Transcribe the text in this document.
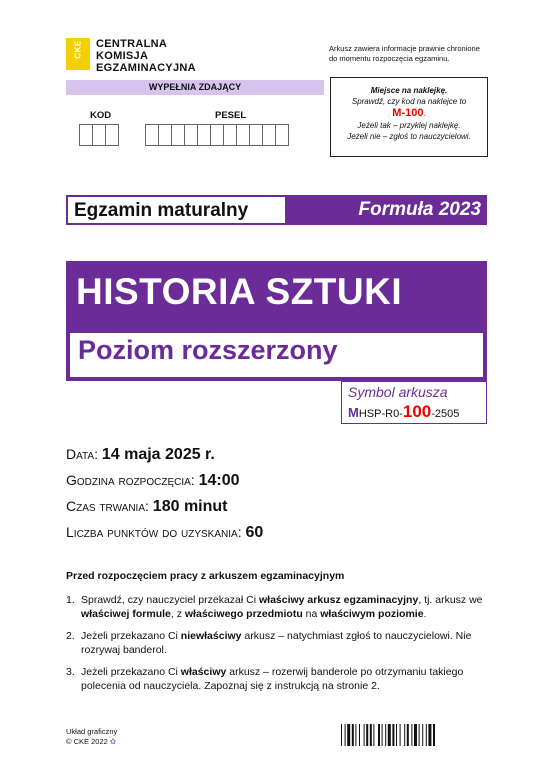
CKE CENTRALNA
KOMISJA
EGZAMINACYJNA
Arkusz zawiera informacje prawnie chronione
do momentu rozpoczęcia egzaminu.
WYPEŁNIA ZDAJĄCY
KOD	PESEL
Miejsce na naklejkę.
Sprawdź, czy kod na naklejce to
M-100.
Jeżeli tak – przyklej naklejkę.
Jeżeli nie – zgłoś to nauczycielowi.
Egzamin maturalny	Formuła 2023
HISTORIA SZTUKI
Poziom rozszerzony
Symbol arkusza
MHSP-R0-100-2505
Data: 14 maja 2025 r.
Godzina rozpoczęcia: 14:00
Czas trwania: 180 minut
Liczba punktów do uzyskania: 60
Przed rozpoczęciem pracy z arkuszem egzaminacyjnym
1. Sprawdź, czy nauczyciel przekazał Ci właściwy arkusz egzaminacyjny, tj. arkusz we właściwej formule, z właściwego przedmiotu na właściwym poziomie.
2. Jeżeli przekazano Ci niewłaściwy arkusz – natychmiast zgłoś to nauczycielowi. Nie rozrywaj banderol.
3. Jeżeli przekazano Ci właściwy arkusz – rozerwij banderole po otrzymaniu takiego polecenia od nauczyciela. Zapoznaj się z instrukcją na stronie 2.
Układ graficzny
© CKE 2022 ✿
